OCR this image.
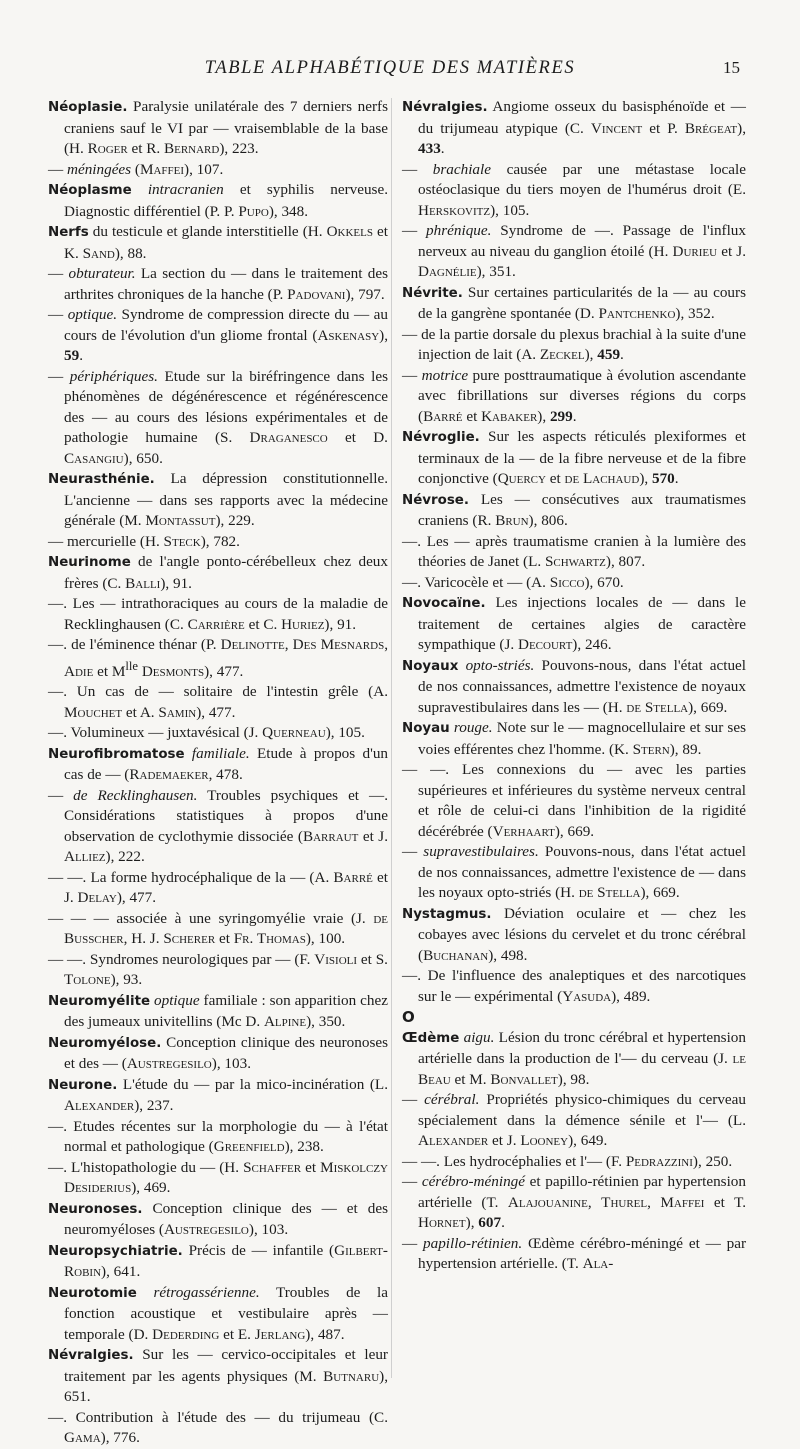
TABLE ALPHABÉTIQUE DES MATIÈRES	15

Néoplasie. Paralysie unilatérale des 7 derniers nerfs craniens sauf le VI par — vraisemblable de la base (H. Roger et R. Bernard), 223.

— méningées (Maffei), 107.

Néoplasme intracranien et syphilis nerveuse. Diagnostic différentiel (P. P. Pupo), 348.

Nerfs du testicule et glande interstitielle (H. Okkels et K. Sand), 88.

— obturateur. La section du — dans le traitement des arthrites chroniques de la hanche (P. Padovani), 797.

— optique. Syndrome de compression directe du — au cours de l'évolution d'un gliome frontal (Askenasy), 59.

— périphériques. Etude sur la biréfringence dans les phénomènes de dégénérescence et régénérescence des — au cours des lésions expérimentales et de pathologie humaine (S. Draganesco et D. Casangiu), 650.

Neurasthénie. La dépression constitutionnelle. L'ancienne — dans ses rapports avec la médecine générale (M. Montassut), 229.

— mercurielle (H. Steck), 782.

Neurinome de l'angle ponto-cérébelleux chez deux frères (C. Balli), 91.

—. Les — intrathoraciques au cours de la maladie de Recklinghausen (C. Carrière et C. Huriez), 91.

—. de l'éminence thénar (P. Delinotte, Des Mesnards, Adie et $M^{lle}$ Desmonts), 477.

—. Un cas de — solitaire de l'intestin grêle (A. Mouchet et A. Samin), 477.

—. Volumineux — juxtavésical (J. Querneau), 105.

Neurofibromatose familiale. Etude à propos d'un cas de — (Rademaeker, 478.

— de Recklinghausen. Troubles psychiques et —. Considérations statistiques à propos d'une observation de cyclothymie dissociée (Barraut et J. Alliez), 222.

— —. La forme hydrocéphalique de la — (A. Barré et J. Delay), 477.

— — — associée à une syringomyélie vraie (J. de Busscher, H. J. Scherer et Fr. Thomas), 100.

— —. Syndromes neurologiques par — (F. Visioli et S. Tolone), 93.

Neuromyélite optique familiale : son apparition chez des jumeaux univitellins (Mc D. Alpine), 350.

Neuromyélose. Conception clinique des neuronoses et des — (Austregesilo), 103.

Neurone. L'étude du — par la mico-incinération (L. Alexander), 237.

—. Etudes récentes sur la morphologie du — à l'état normal et pathologique (Greenfield), 238.

—. L'histopathologie du — (H. Schaffer et Miskolczy Desiderius), 469.

Neuronoses. Conception clinique des — et des neuromyéloses (Austregesilo), 103.

Neuropsychiatrie. Précis de — infantile (Gilbert-Robin), 641.

Neurotomie rétrogassérienne. Troubles de la fonction acoustique et vestibulaire après — temporale (D. Dederding et E. Jerlang), 487.

Névralgies. Sur les — cervico-occipitales et leur traitement par les agents physiques (M. Butnaru), 651.

—. Contribution à l'étude des — du trijumeau (C. Gama), 776.

Névralgies. Angiome osseux du basisphénoïde et — du trijumeau atypique (C. Vincent et P. Brégeat), 433.

— brachiale causée par une métastase locale ostéoclasique du tiers moyen de l'humérus droit (E. Herskovitz), 105.

— phrénique. Syndrome de —. Passage de l'influx nerveux au niveau du ganglion étoilé (H. Durieu et J. Dagnélie), 351.

Névrite. Sur certaines particularités de la — au cours de la gangrène spontanée (D. Pantchenko), 352.

— de la partie dorsale du plexus brachial à la suite d'une injection de lait (A. Zeckel), 459.

— motrice pure posttraumatique à évolution ascendante avec fibrillations sur diverses régions du corps (Barré et Kabaker), 299.

Névroglie. Sur les aspects réticulés plexiformes et terminaux de la — de la fibre nerveuse et de la fibre conjonctive (Quercy et de Lachaud), 570.

Névrose. Les — consécutives aux traumatismes craniens (R. Brun), 806.

—. Les — après traumatisme cranien à la lumière des théories de Janet (L. Schwartz), 807.

—. Varicocèle et — (A. Sicco), 670.

Novocaïne. Les injections locales de — dans le traitement de certaines algies de caractère sympathique (J. Decourt), 246.

Noyaux opto-striés. Pouvons-nous, dans l'état actuel de nos connaissances, admettre l'existence de noyaux supravestibulaires dans les — (H. de Stella), 669.

Noyau rouge. Note sur le — magnocellulaire et sur ses voies efférentes chez l'homme. (K. Stern), 89.

— —. Les connexions du — avec les parties supérieures et inférieures du système nerveux central et rôle de celui-ci dans l'inhibition de la rigidité décérébrée (Verhaart), 669.

— supravestibulaires. Pouvons-nous, dans l'état actuel de nos connaissances, admettre l'existence de — dans les noyaux opto-striés (H. de Stella), 669.

Nystagmus. Déviation oculaire et — chez les cobayes avec lésions du cervelet et du tronc cérébral (Buchanan), 498.

—. De l'influence des analeptiques et des narcotiques sur le — expérimental (Yasuda), 489.

O

Œdème aigu. Lésion du tronc cérébral et hypertension artérielle dans la production de l'— du cerveau (J. le Beau et M. Bonvallet), 98.

— cérébral. Propriétés physico-chimiques du cerveau spécialement dans la démence sénile et l'— (L. Alexander et J. Looney), 649.

— —. Les hydrocéphalies et l'— (F. Pedrazzini), 250.

— cérébro-méningé et papillo-rétinien par hypertension artérielle (T. Alajouanine, Thurel, Maffei et T. Hornet), 607.

— papillo-rétinien. Œdème cérébro-méningé et — par hypertension artérielle. (T. Ala-
